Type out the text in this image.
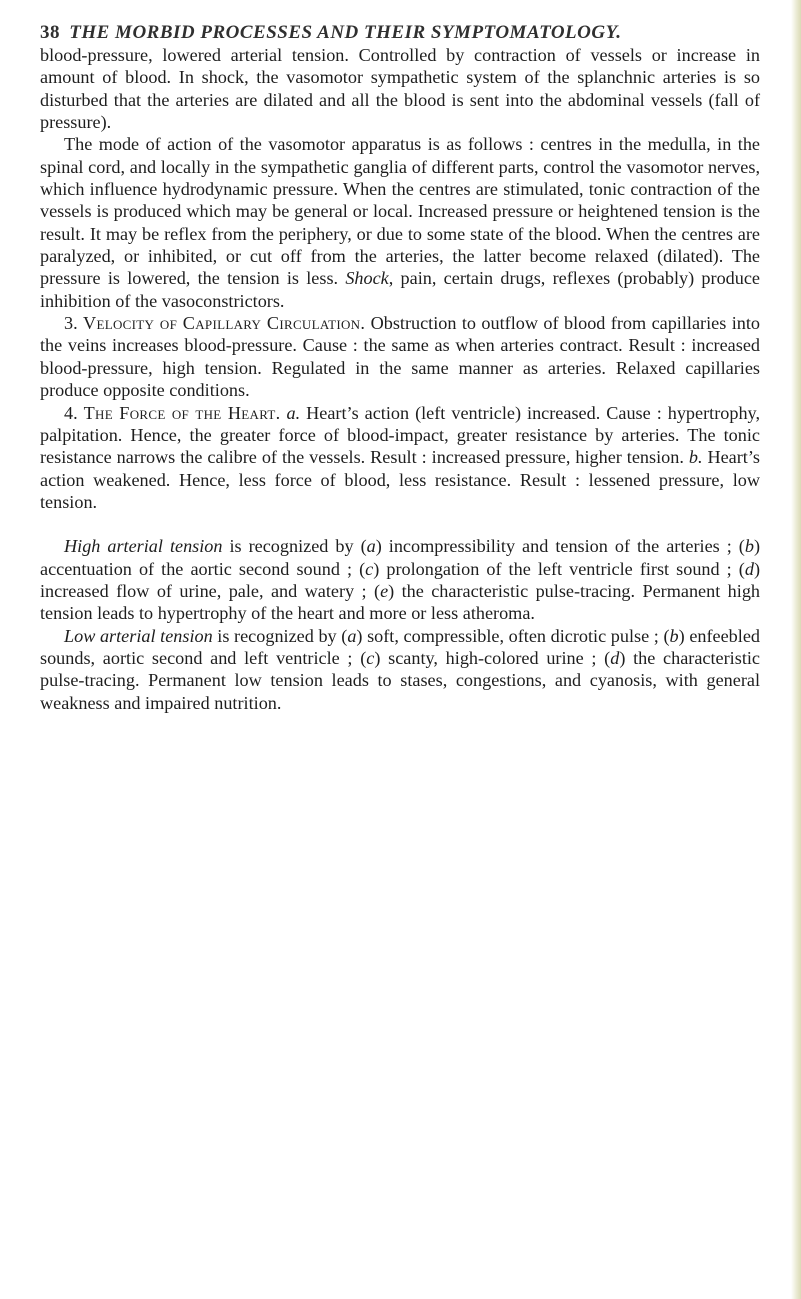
38 THE MORBID PROCESSES AND THEIR SYMPTOMATOLOGY.

blood-pressure, lowered arterial tension. Controlled by contraction of vessels or increase in amount of blood. In shock, the vasomotor sympathetic system of the splanchnic arteries is so disturbed that the arteries are dilated and all the blood is sent into the abdominal vessels (fall of pressure).

The mode of action of the vasomotor apparatus is as follows : centres in the medulla, in the spinal cord, and locally in the sympathetic ganglia of different parts, control the vasomotor nerves, which influence hydrodynamic pressure. When the centres are stimulated, tonic contraction of the vessels is produced which may be general or local. Increased pressure or heightened tension is the result. It may be reflex from the periphery, or due to some state of the blood. When the centres are paralyzed, or inhibited, or cut off from the arteries, the latter become relaxed (dilated). The pressure is lowered, the tension is less. Shock, pain, certain drugs, reflexes (probably) produce inhibition of the vasoconstrictors.

3. Velocity of Capillary Circulation. Obstruction to outflow of blood from capillaries into the veins increases blood-pressure. Cause : the same as when arteries contract. Result : increased blood-pressure, high tension. Regulated in the same manner as arteries. Relaxed capillaries produce opposite conditions.

4. The Force of the Heart. a. Heart’s action (left ventricle) increased. Cause : hypertrophy, palpitation. Hence, the greater force of blood-impact, greater resistance by arteries. The tonic resistance narrows the calibre of the vessels. Result : increased pressure, higher tension. b. Heart’s action weakened. Hence, less force of blood, less resistance. Result : lessened pressure, low tension.

High arterial tension is recognized by (a) incompressibility and tension of the arteries ; (b) accentuation of the aortic second sound ; (c) prolongation of the left ventricle first sound ; (d) increased flow of urine, pale, and watery ; (e) the characteristic pulse-tracing. Permanent high tension leads to hypertrophy of the heart and more or less atheroma.

Low arterial tension is recognized by (a) soft, compressible, often dicrotic pulse ; (b) enfeebled sounds, aortic second and left ventricle ; (c) scanty, high-colored urine ; (d) the characteristic pulse-tracing. Permanent low tension leads to stases, congestions, and cyanosis, with general weakness and impaired nutrition.
